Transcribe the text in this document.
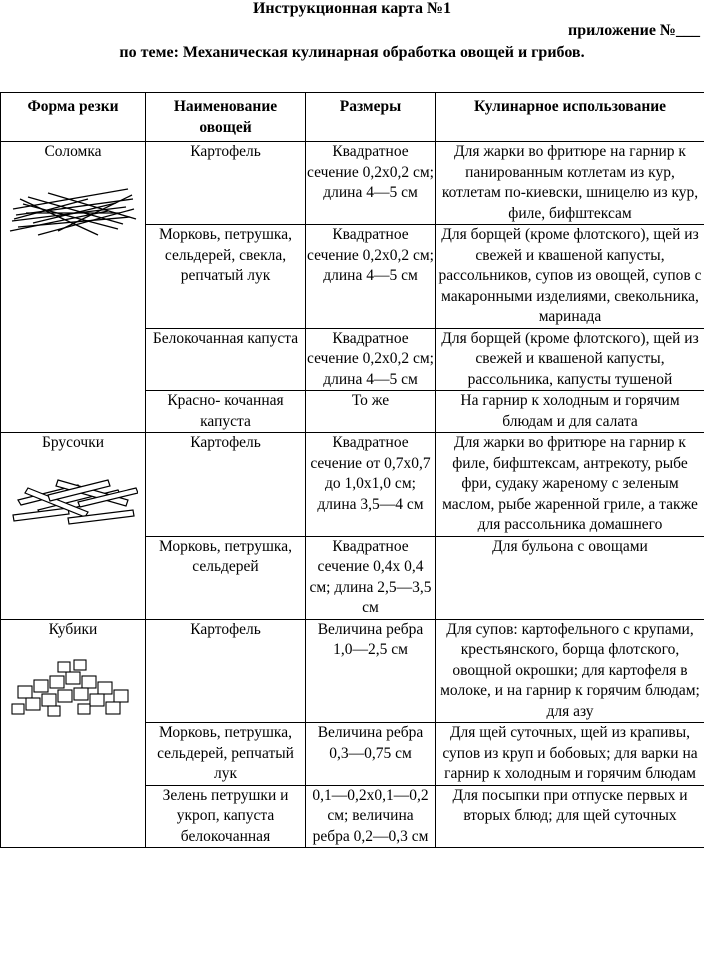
Инструкционная карта №1
приложение №___
по теме: Механическая кулинарная обработка овощей и грибов.
Форма резки	Наименование овощей	Размеры	Кулинарное использование

Соломка	Картофель	Квадратное сечение 0,2х0,2 см; длина 4—5 см	Для жарки во фритюре на гарнир к панированным котлетам из кур, котлетам по-киевски, шницелю из кур, филе, бифштексам
	Морковь, петрушка, сельдерей, свекла, репчатый лук	Квадратное сечение 0,2х0,2 см; длина 4—5 см	Для борщей (кроме флотского), щей из свежей и квашеной капусты, рассольников, супов из овощей, супов с макаронными изделиями, свекольника, маринада
	Белокочанная капуста	Квадратное сечение 0,2х0,2 см; длина 4—5 см	Для борщей (кроме флотского), щей из свежей и квашеной капусты, рассольника, капусты тушеной
	Красно- кочанная капуста	То же	На гарнир к холодным и горячим блюдам и для салата

Брусочки	Картофель	Квадратное сечение от 0,7х0,7 до 1,0х1,0 см; длина 3,5—4 см	Для жарки во фритюре на гарнир к филе, бифштексам, антрекоту, рыбе фри, судаку жареному с зеленым маслом, рыбе жаренной гриле, а также для рассольника домашнего
	Морковь, петрушка, сельдерей	Квадратное сечение 0,4х 0,4 см; длина 2,5—3,5 см	Для бульона с овощами

Кубики	Картофель	Величина ребра 1,0—2,5 см	Для супов: картофельного с крупами, крестьянского, борща флотского, овощной окрошки; для картофеля в молоке, и на гарнир к горячим блюдам; для азу
	Морковь, петрушка, сельдерей, репчатый лук	Величина ребра 0,3—0,75 см	Для щей суточных, щей из крапивы, супов из круп и бобовых; для варки на гарнир к холодным и горячим блюдам
	Зелень петрушки и укроп, капуста белокочанная	0,1—0,2х0,1—0,2 см; величина ребра 0,2—0,3 см	Для посыпки при отпуске первых и вторых блюд; для щей суточных
